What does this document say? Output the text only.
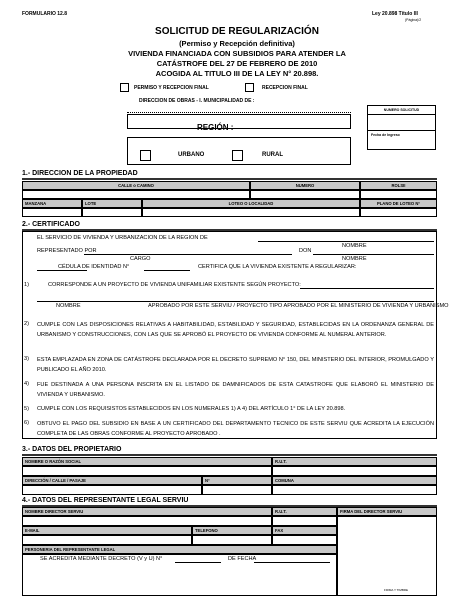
FORMULARIO 12.8	Ley 20.898 Título III
(Página)/2
SOLICITUD DE REGULARIZACIÓN
(Permiso y Recepción definitiva)
VIVIENDA FINANCIADA CON SUBSIDIOS PARA ATENDER LA
CATÁSTROFE DEL 27 DE FEBRERO DE 2010
ACOGIDA AL TITULO III DE LA LEY N° 20.898.
PERMISO Y RECEPCION FINAL	RECEPCION FINAL
DIRECCION DE OBRAS - I. MUNICIPALIDAD DE :
NUMERO SOLICITUD
Fecha de Ingreso
REGIÓN :
URBANO	RURAL
1.- DIRECCION DE LA PROPIEDAD
CALLE o CAMINO	NUMERO	ROLSII
MANZANA	LOTE	LOTEO O LOCALIDAD	PLANO DE LOTEO N°
2.- CERTIFICADO
EL SERVICIO DE VIVIENDA Y URBANIZACION DE LA REGION DE
NOMBRE
REPRESENTADO POR	DON
CARGO	NOMBRE
CÉDULA DE IDENTIDAD N°	CERTIFICA QUE LA VIVIENDA EXISTENTE A REGULARIZAR:
1)	CORRESPONDE A UN PROYECTO DE VIVIENDA UNIFAMILIAR EXISTENTE SEGÚN PROYECTO:
NOMBRE	APROBADO POR ESTE SERVIU / PROYECTO TIPO APROBADO POR EL MINISTERIO DE VIVIENDA Y URBANISMO
2) CUMPLE CON LAS DISPOSICIONES RELATIVAS A HABITABILIDAD, ESTABILIDAD Y SEGURIDAD, ESTABLECIDAS EN LA ORDENANZA GENERAL DE URBANISMO Y CONSTRUCCIONES, CON LAS QUE SE APROBÓ EL PROYECTO DE VIVIENDA CONFORME AL NUMERAL ANTERIOR.
3) ESTA EMPLAZADA EN ZONA DE CATÁSTROFE DECLARADA POR EL DECRETO SUPREMO N° 150, DEL MINISTERIO DEL INTERIOR, PROMULGADO Y PUBLICADO EL AÑO 2010.
4) FUE DESTINADA A UNA PERSONA INSCRITA EN EL LISTADO DE DAMNIFICADOS DE ESTA CATASTROFE QUE ELABORÓ EL MINISTERIO DE VIVIENDA Y URBANISMO.
5) CUMPLE CON LOS REQUISISTOS ESTABLECIDOS EN LOS NUMERALES 1) A 4) DEL ARTÍCULO 1° DE LA LEY 20.898.
6) OBTUVO EL PAGO DEL SUBSIDIO EN BASE A UN CERTIFICADO DEL DEPARTAMENTO TECNICO DE ESTE SERVIU QUE ACREDITA LA EJECUCIÓN COMPLETA DE LAS OBRAS CONFORME AL PROYECTO APROBADO .
3.- DATOS DEL PROPIETARIO
NOMBRE O RAZÓN SOCIAL	R.U.T.
DIRECCIÓN / CALLE / PASAJE	N°	COMUNA
4.- DATOS DEL REPRESENTANTE LEGAL SERVIU
NOMBRE DIRECTOR SERVIU	R.U.T.	FIRMA DEL DIRECTOR SERVIU
E-MAIL	TELEFONO	FAX
PERSONERIA DEL REPRESENTANTE LEGAL
SE ACREDITA MEDIANTE DECRETO (V y U) N°	DE FECHA
FIRMA Y TIMBRE
